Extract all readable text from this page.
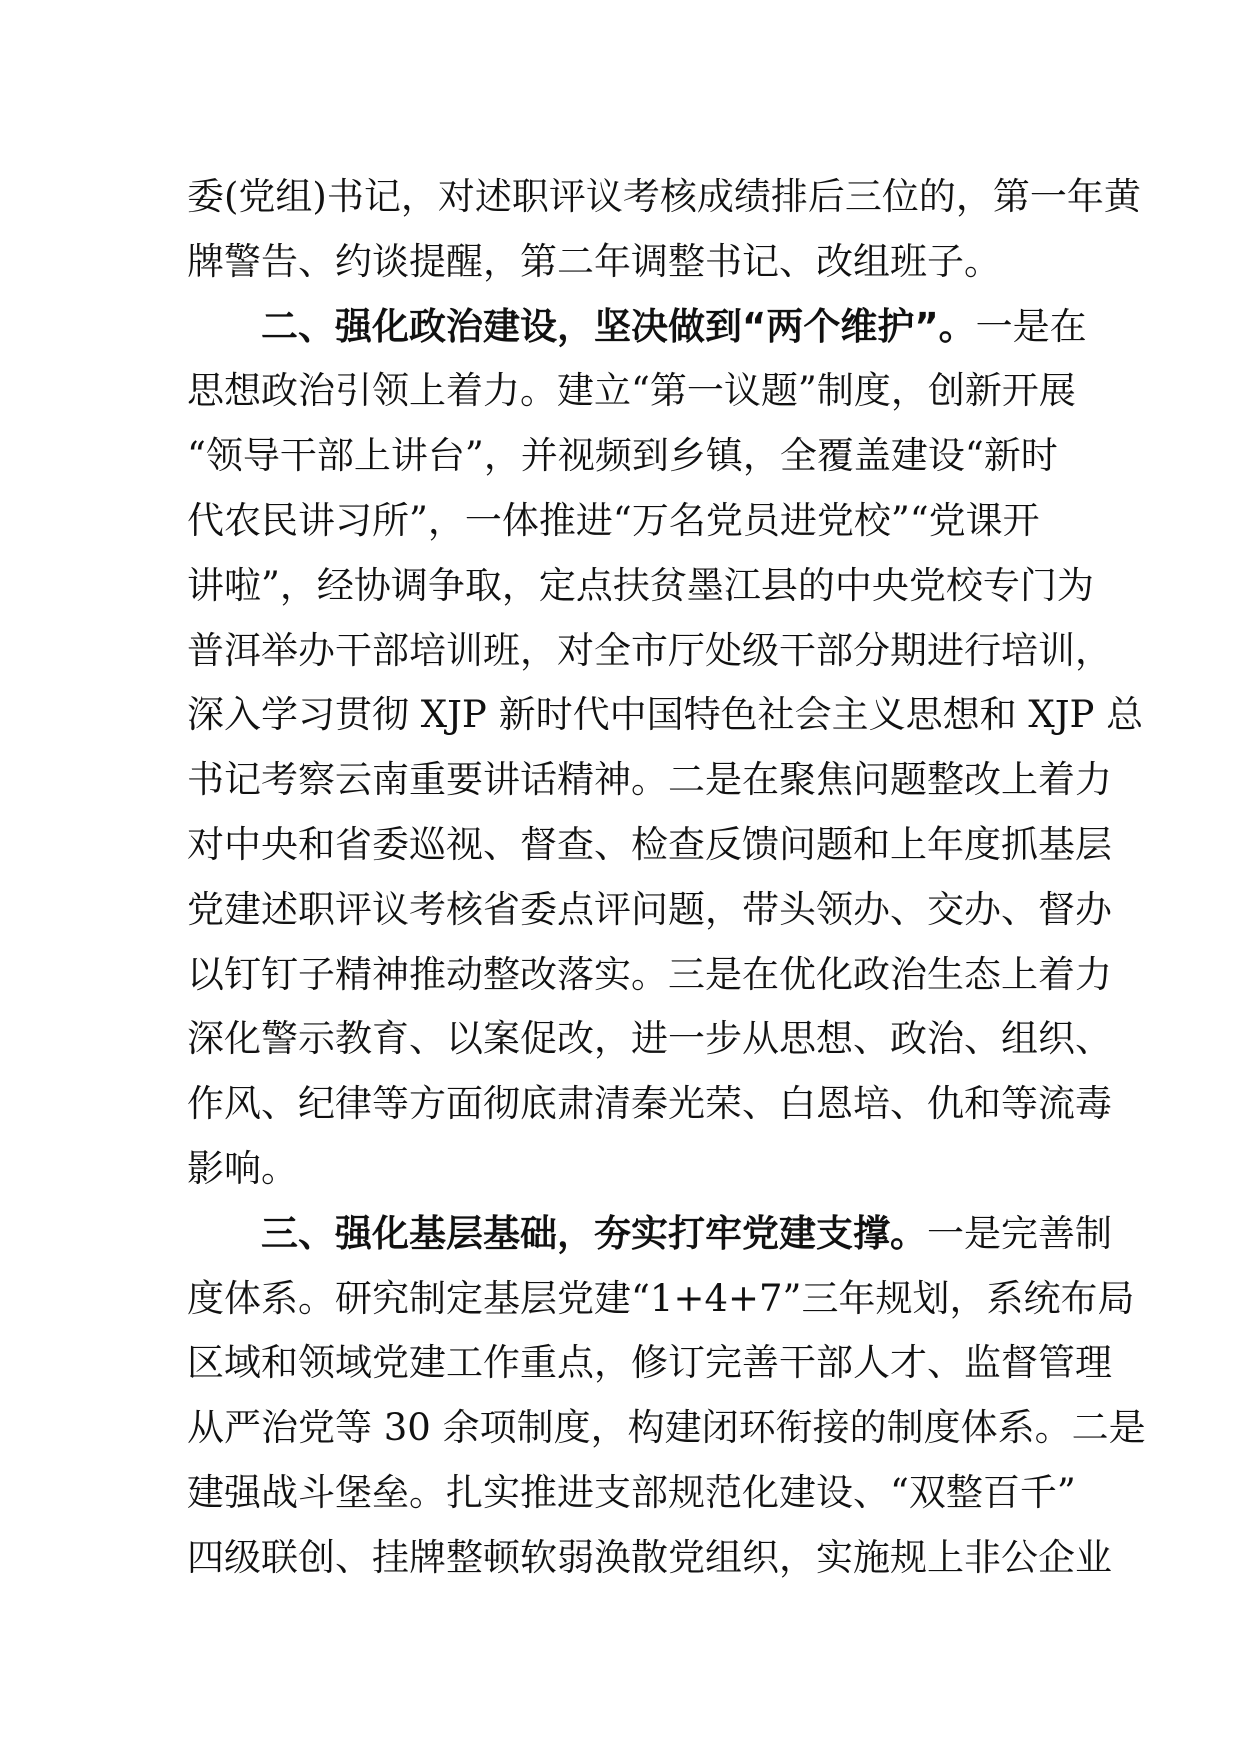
委(党组)书记，对述职评议考核成绩排后三位的，第一年黄
牌警告、约谈提醒，第二年调整书记、改组班子。
二、强化政治建设，坚决做到“两个维护”。一是在
思想政治引领上着力。建立“第一议题”制度，创新开展
“领导干部上讲台”，并视频到乡镇，全覆盖建设“新时
代农民讲习所”，一体推进“万名党员进党校”“党课开
讲啦”，经协调争取，定点扶贫墨江县的中央党校专门为
普洱举办干部培训班，对全市厅处级干部分期进行培训，
深入学习贯彻 XJP 新时代中国特色社会主义思想和 XJP 总
书记考察云南重要讲话精神。二是在聚焦问题整改上着力
对中央和省委巡视、督查、检查反馈问题和上年度抓基层
党建述职评议考核省委点评问题，带头领办、交办、督办
以钉钉子精神推动整改落实。三是在优化政治生态上着力
深化警示教育、以案促改，进一步从思想、政治、组织、
作风、纪律等方面彻底肃清秦光荣、白恩培、仇和等流毒
影响。
三、强化基层基础，夯实打牢党建支撑。一是完善制
度体系。研究制定基层党建“1+4+7”三年规划，系统布局
区域和领域党建工作重点，修订完善干部人才、监督管理
从严治党等 30 余项制度，构建闭环衔接的制度体系。二是
建强战斗堡垒。扎实推进支部规范化建设、“双整百千”
四级联创、挂牌整顿软弱涣散党组织，实施规上非公企业
